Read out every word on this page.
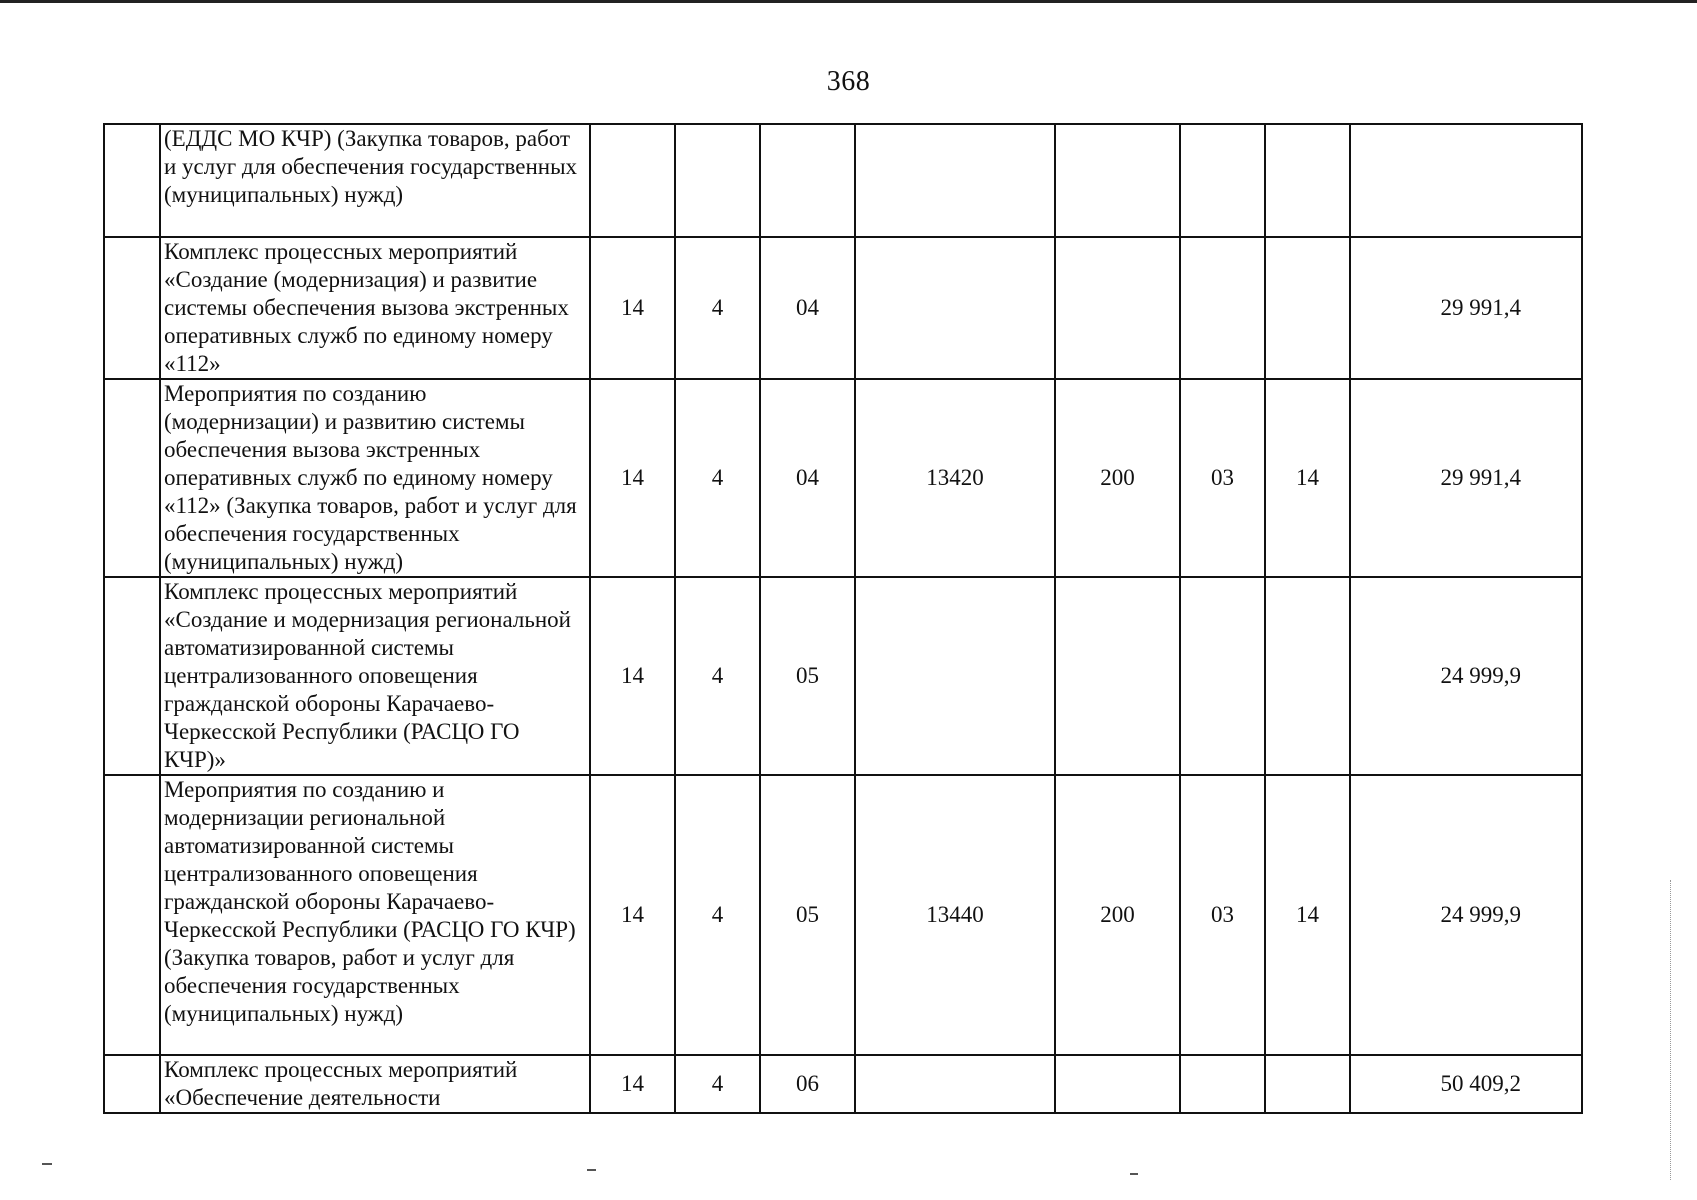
368
	(ЕДДС МО КЧР) (Закупка товаров, работ и услуг для обеспечения государственных (муниципальных) нужд)								
	Комплекс процессных мероприятий «Создание (модернизация) и развитие системы обеспечения вызова экстренных оперативных служб по единому номеру «112»	14	4	04					29 991,4
	Мероприятия по созданию (модернизации) и развитию системы обеспечения вызова экстренных оперативных служб по единому номеру «112» (Закупка товаров, работ и услуг для обеспечения государственных (муниципальных) нужд)	14	4	04	13420	200	03	14	29 991,4
	Комплекс процессных мероприятий «Создание и модернизация региональной автоматизированной системы централизованного оповещения гражданской обороны Карачаево-Черкесской Республики (РАСЦО ГО КЧР)»	14	4	05					24 999,9
	Мероприятия по созданию и модернизации региональной автоматизированной системы централизованного оповещения гражданской обороны Карачаево-Черкесской Республики (РАСЦО ГО КЧР) (Закупка товаров, работ и услуг для обеспечения государственных (муниципальных) нужд)	14	4	05	13440	200	03	14	24 999,9
	Комплекс процессных мероприятий «Обеспечение деятельности	14	4	06					50 409,2
